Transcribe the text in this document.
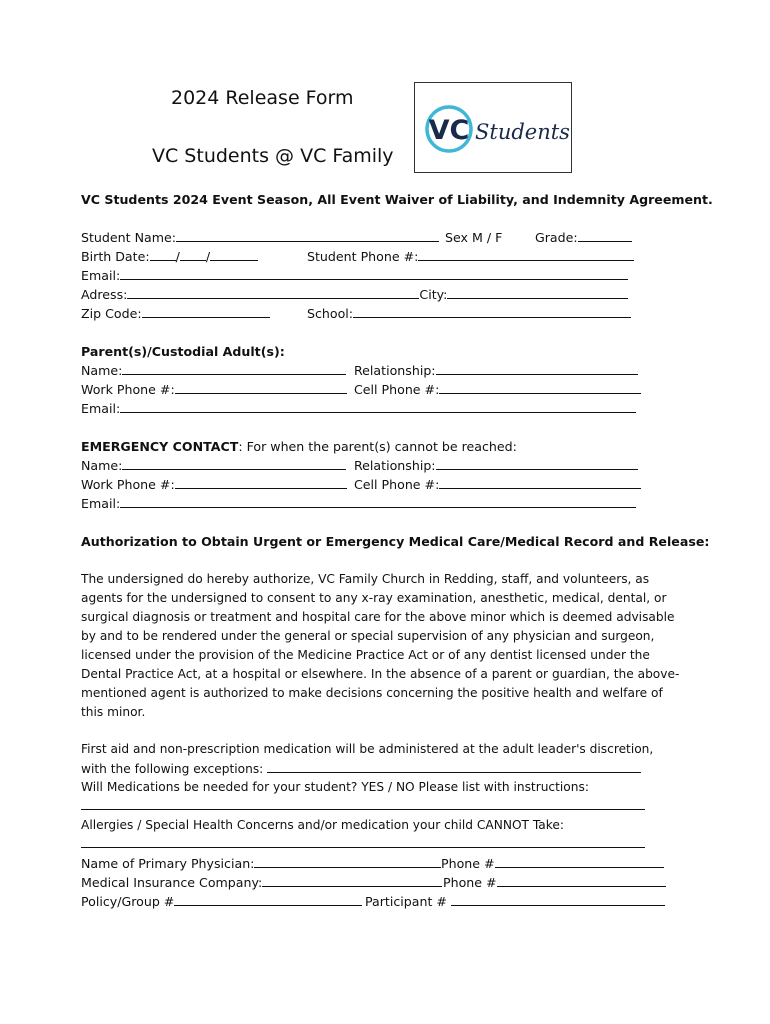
2024 Release Form
VC Students @ VC Family
VC Students
VC Students 2024 Event Season, All Event Waiver of Liability, and Indemnity Agreement.
Student Name:	Sex M / F	Grade:
Birth Date: / /	Student Phone #:
Email:
Adress:	City:
Zip Code:	School:
Parent(s)/Custodial Adult(s):
Name:	Relationship:
Work Phone #:	Cell Phone #:
Email:
EMERGENCY CONTACT: For when the parent(s) cannot be reached:
Name:	Relationship:
Work Phone #:	Cell Phone #:
Email:
Authorization to Obtain Urgent or Emergency Medical Care/Medical Record and Release:
The undersigned do hereby authorize, VC Family Church in Redding, staff, and volunteers, as
agents for the undersigned to consent to any x-ray examination, anesthetic, medical, dental, or
surgical diagnosis or treatment and hospital care for the above minor which is deemed advisable
by and to be rendered under the general or special supervision of any physician and surgeon,
licensed under the provision of the Medicine Practice Act or of any dentist licensed under the
Dental Practice Act, at a hospital or elsewhere. In the absence of a parent or guardian, the above-
mentioned agent is authorized to make decisions concerning the positive health and welfare of
this minor.
First aid and non-prescription medication will be administered at the adult leader's discretion,
with the following exceptions:
Will Medications be needed for your student? YES / NO Please list with instructions:
Allergies / Special Health Concerns and/or medication your child CANNOT Take:
Name of Primary Physician:	Phone #
Medical Insurance Company:	Phone #
Policy/Group #	Participant #
